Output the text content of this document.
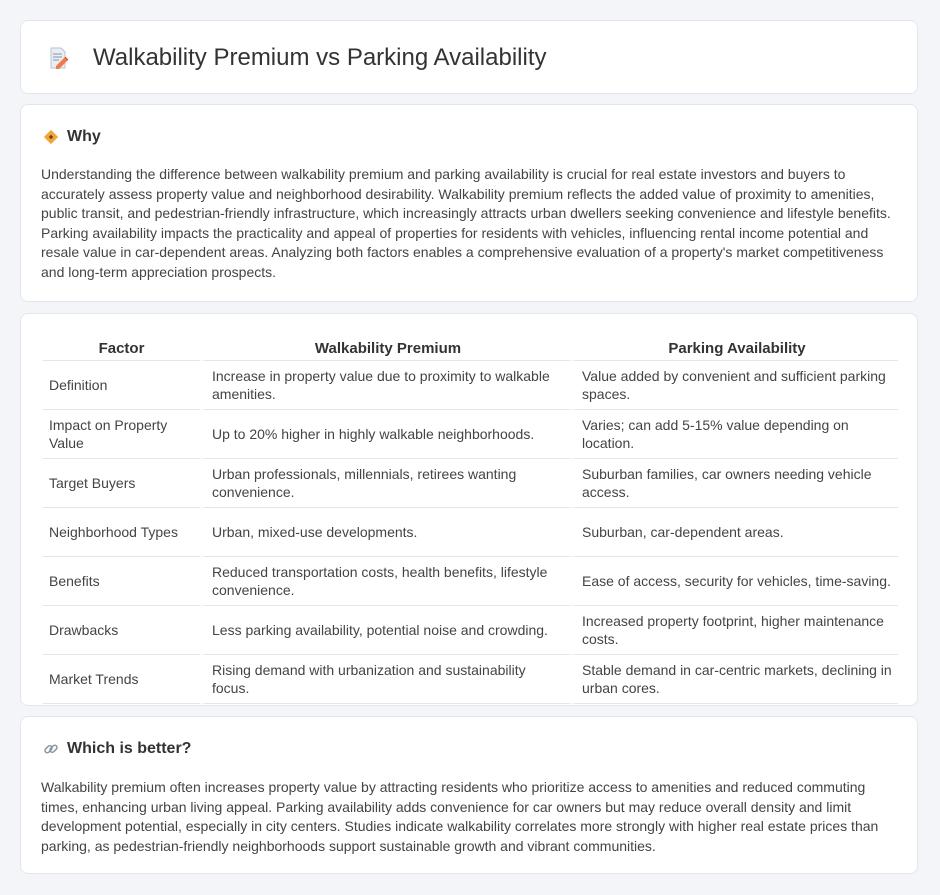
Walkability Premium vs Parking Availability
Why

Understanding the difference between walkability premium and parking availability is crucial for real estate investors and buyers to accurately assess property value and neighborhood desirability. Walkability premium reflects the added value of proximity to amenities, public transit, and pedestrian-friendly infrastructure, which increasingly attracts urban dwellers seeking convenience and lifestyle benefits. Parking availability impacts the practicality and appeal of properties for residents with vehicles, influencing rental income potential and resale value in car-dependent areas. Analyzing both factors enables a comprehensive evaluation of a property's market competitiveness and long-term appreciation prospects.

Factor	Walkability Premium	Parking Availability
Definition	Increase in property value due to proximity to walkable amenities.	Value added by convenient and sufficient parking spaces.
Impact on Property Value	Up to 20% higher in highly walkable neighborhoods.	Varies; can add 5-15% value depending on location.
Target Buyers	Urban professionals, millennials, retirees wanting convenience.	Suburban families, car owners needing vehicle access.
Neighborhood Types	Urban, mixed-use developments.	Suburban, car-dependent areas.
Benefits	Reduced transportation costs, health benefits, lifestyle convenience.	Ease of access, security for vehicles, time-saving.
Drawbacks	Less parking availability, potential noise and crowding.	Increased property footprint, higher maintenance costs.
Market Trends	Rising demand with urbanization and sustainability focus.	Stable demand in car-centric markets, declining in urban cores.
Which is better?

Walkability premium often increases property value by attracting residents who prioritize access to amenities and reduced commuting times, enhancing urban living appeal. Parking availability adds convenience for car owners but may reduce overall density and limit development potential, especially in city centers. Studies indicate walkability correlates more strongly with higher real estate prices than parking, as pedestrian-friendly neighborhoods support sustainable growth and vibrant communities.
